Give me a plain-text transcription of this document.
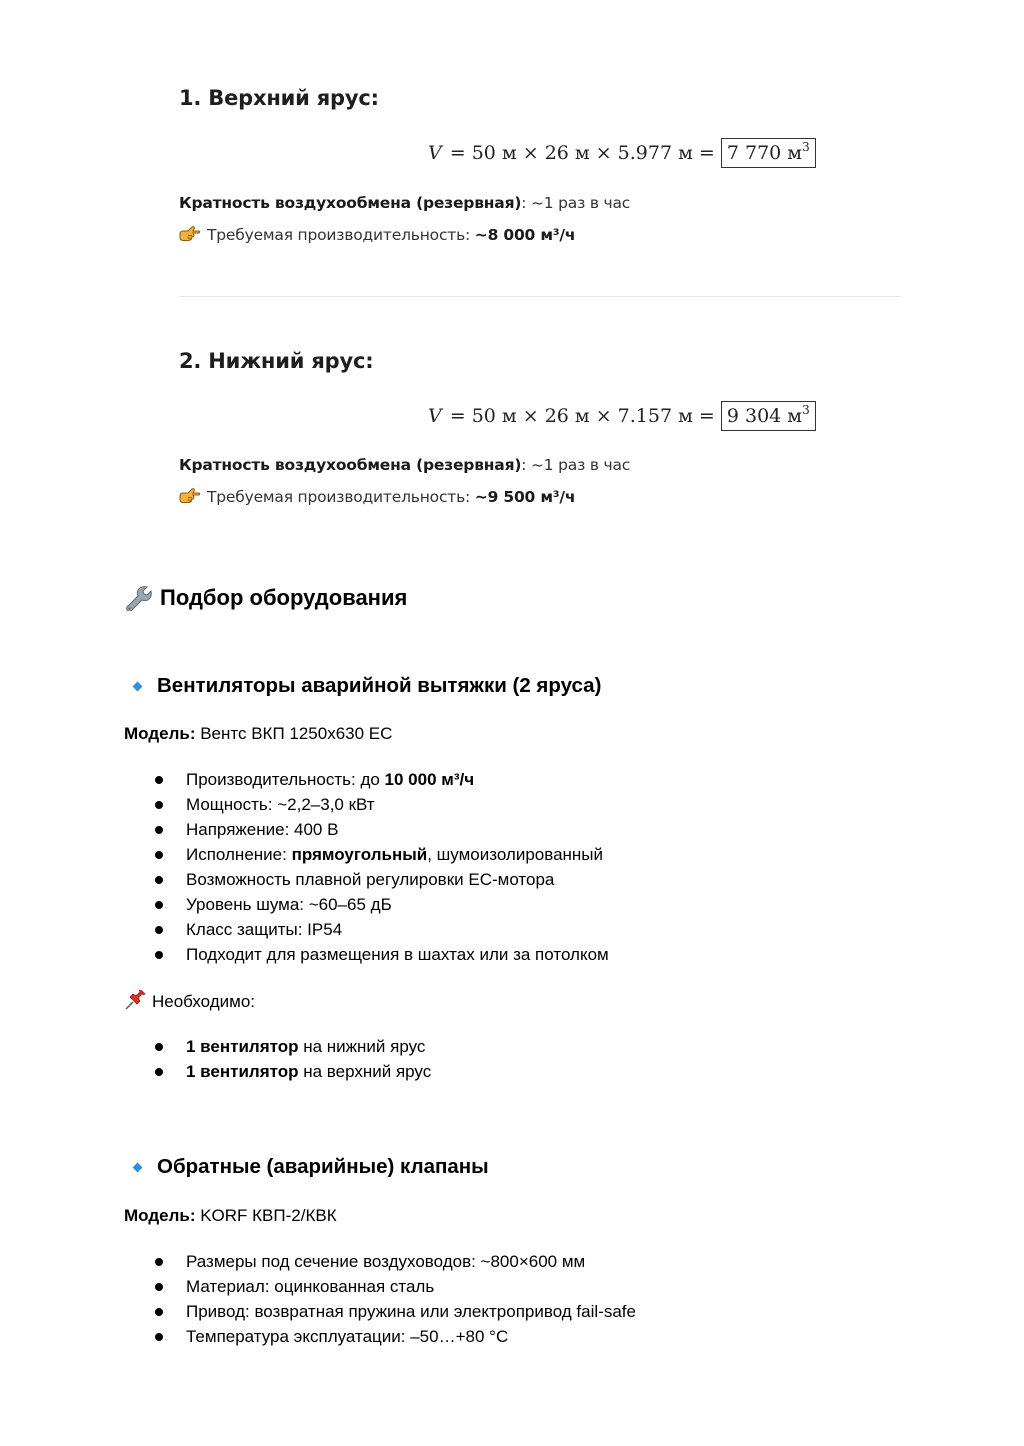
1. Верхний ярус:
V = 50 м × 26 м × 5.977 м = 7 770 $м^3$
Кратность воздухообмена (резервная): ~1 раз в час
Требуемая производительность: ~8 000 м³/ч
2. Нижний ярус:
V = 50 м × 26 м × 7.157 м = 9 304 $м^3$
Кратность воздухообмена (резервная): ~1 раз в час
Требуемая производительность: ~9 500 м³/ч
Подбор оборудования
Вентиляторы аварийной вытяжки (2 яруса)
Модель: Вентс ВКП 1250х630 ЕС
Производительность: до 10 000 м³/ч
Мощность: ~2,2–3,0 кВт
Напряжение: 400 В
Исполнение: прямоугольный, шумоизолированный
Возможность плавной регулировки ЕС-мотора
Уровень шума: ~60–65 дБ
Класс защиты: IP54
Подходит для размещения в шахтах или за потолком
Необходимо:
1 вентилятор на нижний ярус
1 вентилятор на верхний ярус
Обратные (аварийные) клапаны
Модель: KORF КВП-2/КВК
Размеры под сечение воздуховодов: ~800×600 мм
Материал: оцинкованная сталь
Привод: возвратная пружина или электропривод fail-safe
Температура эксплуатации: –50…+80 °С
